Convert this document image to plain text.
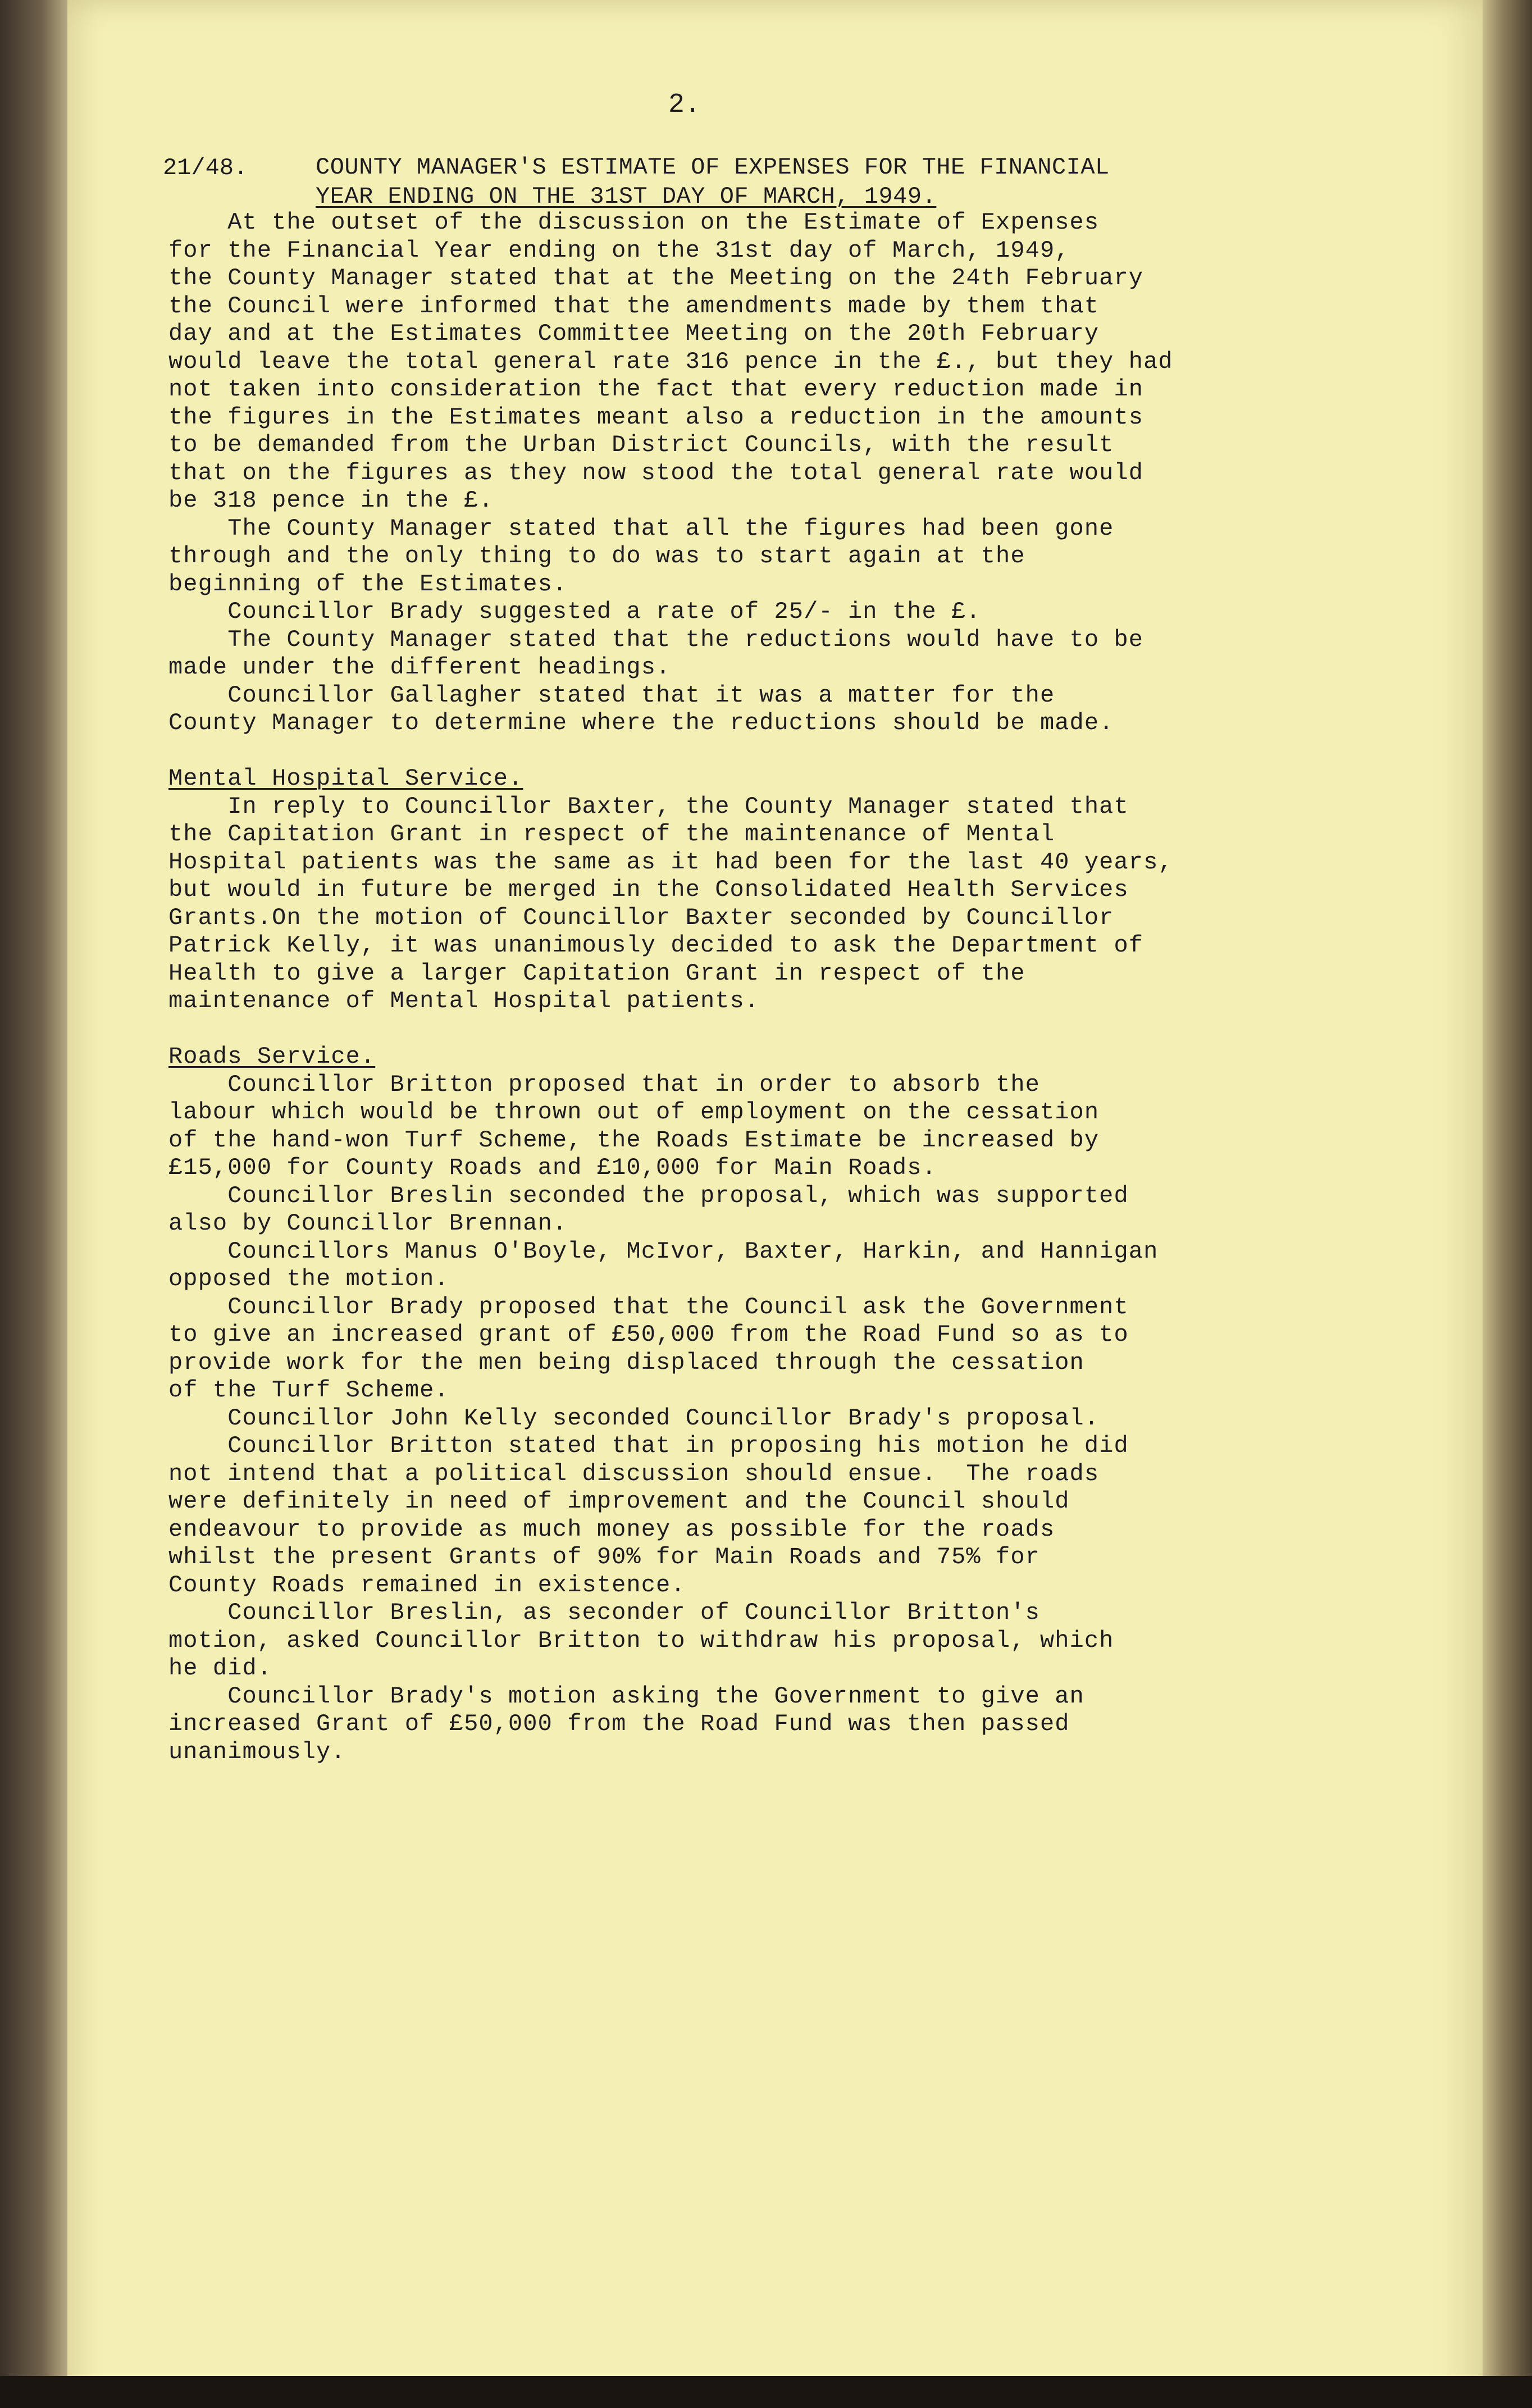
2.
21/48.	COUNTY MANAGER'S ESTIMATE OF EXPENSES FOR THE FINANCIAL
YEAR ENDING ON THE 31ST DAY OF MARCH, 1949.
At the outset of the discussion on the Estimate of Expenses
for the Financial Year ending on the 31st day of March, 1949,
the County Manager stated that at the Meeting on the 24th February
the Council were informed that the amendments made by them that
day and at the Estimates Committee Meeting on the 20th February
would leave the total general rate 316 pence in the £., but they had
not taken into consideration the fact that every reduction made in
the figures in the Estimates meant also a reduction in the amounts
to be demanded from the Urban District Councils, with the result
that on the figures as they now stood the total general rate would
be 318 pence in the £.
The County Manager stated that all the figures had been gone
through and the only thing to do was to start again at the
beginning of the Estimates.
Councillor Brady suggested a rate of 25/- in the £.
The County Manager stated that the reductions would have to be
made under the different headings.
Councillor Gallagher stated that it was a matter for the
County Manager to determine where the reductions should be made.
Mental Hospital Service.
In reply to Councillor Baxter, the County Manager stated that
the Capitation Grant in respect of the maintenance of Mental
Hospital patients was the same as it had been for the last 40 years,
but would in future be merged in the Consolidated Health Services
Grants.On the motion of Councillor Baxter seconded by Councillor
Patrick Kelly, it was unanimously decided to ask the Department of
Health to give a larger Capitation Grant in respect of the
maintenance of Mental Hospital patients.
Roads Service.
Councillor Britton proposed that in order to absorb the
labour which would be thrown out of employment on the cessation
of the hand-won Turf Scheme, the Roads Estimate be increased by
£15,000 for County Roads and £10,000 for Main Roads.
Councillor Breslin seconded the proposal, which was supported
also by Councillor Brennan.
Councillors Manus O'Boyle, McIvor, Baxter, Harkin, and Hannigan
opposed the motion.
Councillor Brady proposed that the Council ask the Government
to give an increased grant of £50,000 from the Road Fund so as to
provide work for the men being displaced through the cessation
of the Turf Scheme.
Councillor John Kelly seconded Councillor Brady's proposal.
Councillor Britton stated that in proposing his motion he did
not intend that a political discussion should ensue.  The roads
were definitely in need of improvement and the Council should
endeavour to provide as much money as possible for the roads
whilst the present Grants of 90% for Main Roads and 75% for
County Roads remained in existence.
Councillor Breslin, as seconder of Councillor Britton's
motion, asked Councillor Britton to withdraw his proposal, which
he did.
Councillor Brady's motion asking the Government to give an
increased Grant of £50,000 from the Road Fund was then passed
unanimously.
